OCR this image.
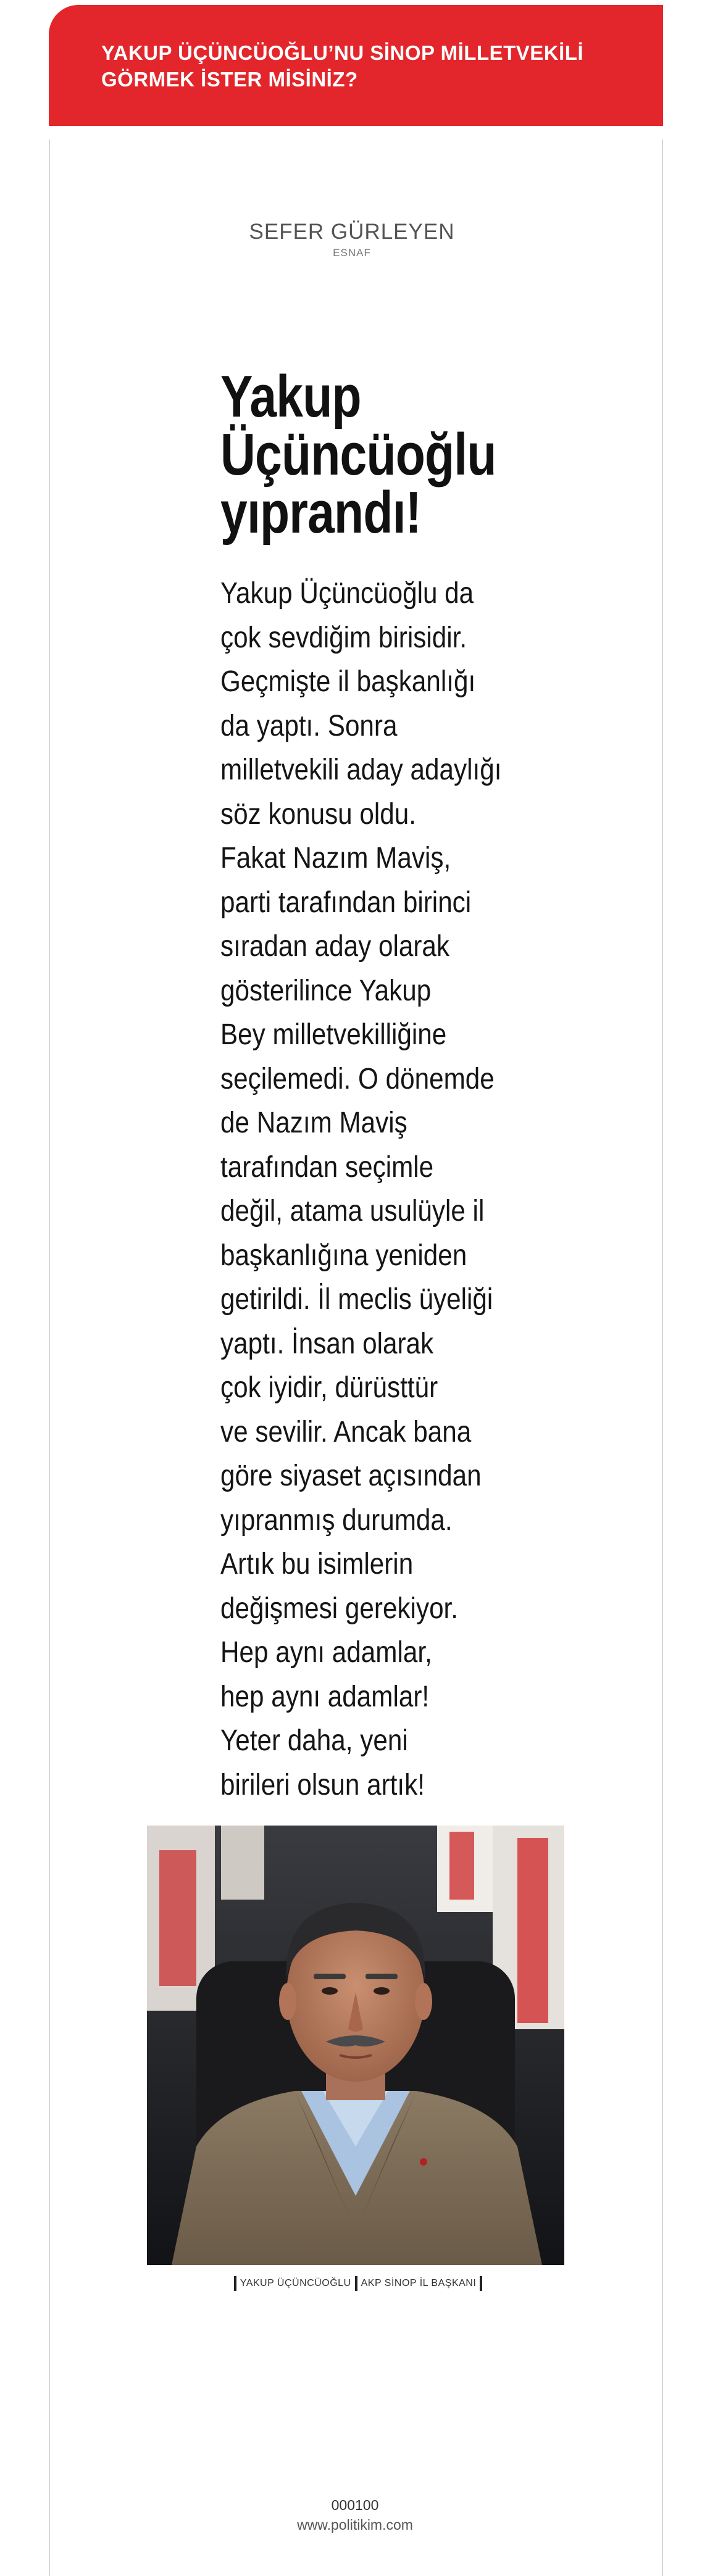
YAKUP ÜÇÜNCÜOĞLU’NU SİNOP MİLLETVEKİLİ GÖRMEK İSTER MİSİNİZ?

SEFER GÜRLEYEN

ESNAF

Yakup
Üçüncüoğlu
yıprandı!
Yakup Üçüncüoğlu da
çok sevdiğim birisidir.
Geçmişte il başkanlığı
da yaptı. Sonra
milletvekili aday adaylığı
söz konusu oldu.
Fakat Nazım Maviş,
parti tarafından birinci
sıradan aday olarak
gösterilince Yakup
Bey milletvekilliğine
seçilemedi. O dönemde
de Nazım Maviş
tarafından seçimle
değil, atama usulüyle il
başkanlığına yeniden
getirildi. İl meclis üyeliği
yaptı. İnsan olarak
çok iyidir, dürüsttür
ve sevilir. Ancak bana
göre siyaset açısından
yıpranmış durumda.
Artık bu isimlerin
değişmesi gerekiyor.
Hep aynı adamlar,
hep aynı adamlar!
Yeter daha, yeni
birileri olsun artık!
YAKUP ÜÇÜNCÜOĞLU AKP SİNOP İL BAŞKANI

000100

www.politikim.com
